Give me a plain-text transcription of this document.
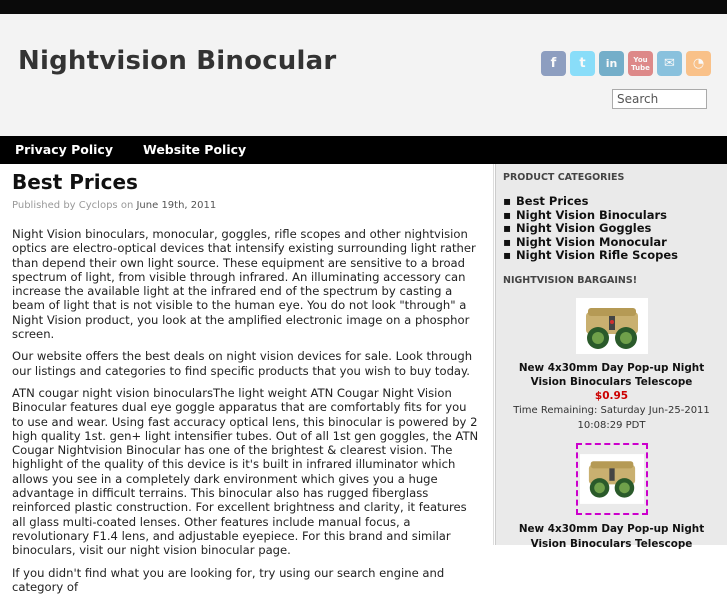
Nightvision Binocular	f	t	in	You Tube	✉	◔
Search
Privacy Policy	Website Policy
Best Prices
Published by Cyclops on June 19th, 2011

Night Vision binoculars, monocular, goggles, rifle scopes and other nightvision optics are electro-optical devices that intensify existing surrounding light rather than depend their own light source. These equipment are sensitive to a broad spectrum of light, from visible through infrared. An illuminating accessory can increase the available light at the infrared end of the spectrum by casting a beam of light that is not visible to the human eye. You do not look "through" a Night Vision product, you look at the amplified electronic image on a phosphor screen.

Our website offers the best deals on night vision devices for sale. Look through our listings and categories to find specific products that you wish to buy today.

ATN cougar night vision binocularsThe light weight ATN Cougar Night Vision Binocular features dual eye goggle apparatus that are comfortably fits for you to use and wear. Using fast accuracy optical lens, this binocular is powered by 2 high quality 1st. gen+ light intensifier tubes. Out of all 1st gen goggles, the ATN Cougar Nightvision Binocular has one of the brightest & clearest vision. The highlight of the quality of this device is it's built in infrared illuminator which allows you see in a completely dark environment which gives you a huge advantage in difficult terrains. This binocular also has rugged fiberglass reinforced plastic construction. For excellent brightness and clarity, it features all glass multi-coated lenses. Other features include manual focus, a revolutionary F1.4 lens, and adjustable eyepiece. For this brand and similar binoculars, visit our night vision binocular page.

If you didn't find what you are looking for, try using our search engine and category of

PRODUCT CATEGORIES
▪ Best Prices
▪ Night Vision Binoculars
▪ Night Vision Goggles
▪ Night Vision Monocular
▪ Night Vision Rifle Scopes
NIGHTVISION BARGAINS!
New 4x30mm Day Pop-up Night Vision Binoculars Telescope
$0.95
Time Remaining: Saturday Jun-25-2011 10:08:29 PDT
New 4x30mm Day Pop-up Night Vision Binoculars Telescope
